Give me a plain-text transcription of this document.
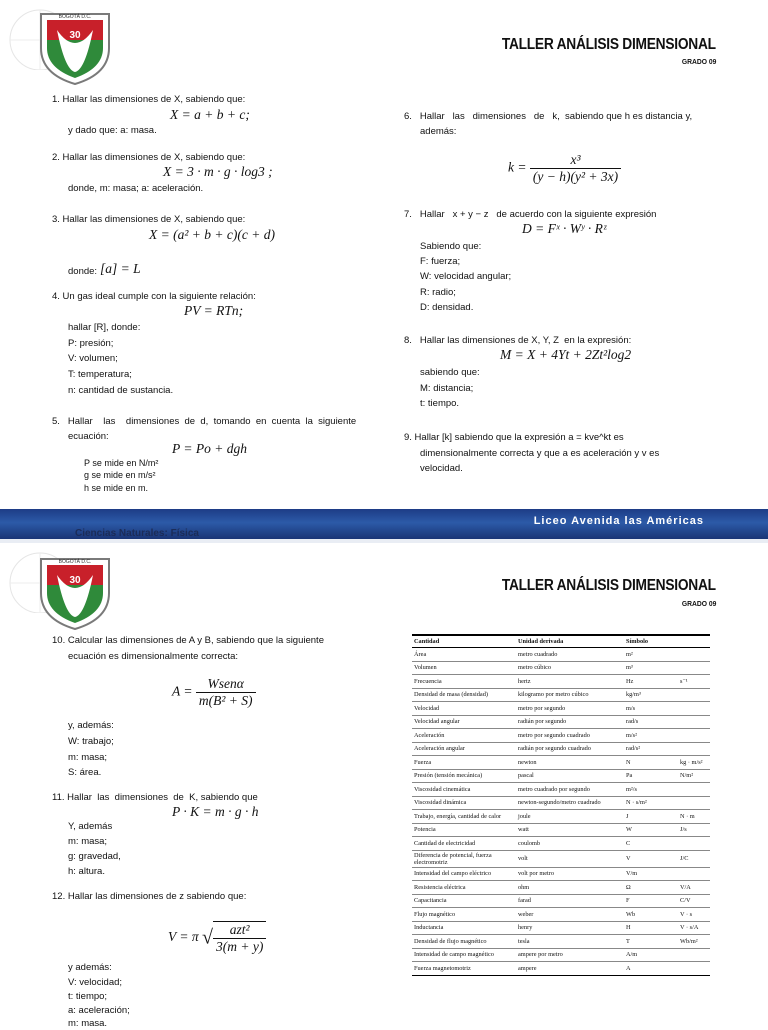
BOGOTÁ D.C.
30
TALLER ANÁLISIS DIMENSIONAL
GRADO 09
1. Hallar las dimensiones de X, sabiendo que:
X = a + b + c;
y dado que: a: masa.
2. Hallar las dimensiones de X, sabiendo que:
X = 3 · m · g · log3 ;
donde, m: masa; a: aceleración.
3. Hallar las dimensiones de X, sabiendo que:
X = (a² + b + c)(c + d)
donde: [a] = L
4. Un gas ideal cumple con la siguiente relación:
PV = RTn;
hallar [R], donde:
P: presión;
V: volumen;
T: temperatura;
n: cantidad de sustancia.
5.   Hallar    las    dimensiones  de  d,  tomando  en  cuenta  la  siguiente
ecuación:
P = Po + dgh
P se mide en N/m²
g se mide en m/s²
h se mide en m.
6.   Hallar   las   dimensiones   de   k,  sabiendo que h es distancia y,
además:
$k = \frac{\text{x³}}{\text{(y − h)(y² + 3x)}}$
7.   Hallar   x + y − z   de acuerdo con la siguiente expresión
D = Fˣ · Wʸ · Rᶻ
Sabiendo que:
F: fuerza;
W: velocidad angular;
R: radio;
D: densidad.
8.   Hallar las dimensiones de X, Y, Z  en la expresión:
M = X + 4Yt + 2Zt²log2
sabiendo que:
M: distancia;
t: tiempo.
9. Hallar [k] sabiendo que la expresión a = kve^kt es
dimensionalmente correcta y que a es aceleración y v es
velocidad.
Ciencias Naturales: Física
Liceo Avenida las Américas
BOGOTÁ D.C.
30	TALLER ANÁLISIS DIMENSIONAL
GRADO 09
10. Calcular las dimensiones de A y B, sabiendo que la siguiente
ecuación es dimensionalmente correcta:
$A = \frac{\text{Wsenα}}{\text{m(B² + S)}}$
y, además:
W: trabajo;
m: masa;
S: área.
11. Hallar  las  dimensiones  de  K, sabiendo que
P · K = m · g · h
Y, además
m: masa;
g: gravedad,
h: altura.
12. Hallar las dimensiones de z sabiendo que:
V = π √ $\frac{\text{azt²}}{3(m + y)}$
y además:
V: velocidad;
t: tiempo;
a: aceleración;
m: masa.
Cantidad	Unidad derivada	Símbolo	
Área	metro cuadrado	m²	
Volumen	metro cúbico	m³	
Frecuencia	hertz	Hz	s⁻¹
Densidad de masa (densidad)	kilogramo por metro cúbico	kg/m³	
Velocidad	metro por segundo	m/s	
Velocidad angular	radián por segundo	rad/s	
Aceleración	metro por segundo cuadrado	m/s²	
Aceleración angular	radián por segundo cuadrado	rad/s²	
Fuerza	newton	N	kg · m/s²
Presión (tensión mecánica)	pascal	Pa	N/m²
Viscosidad cinemática	metro cuadrado por segundo	m²/s	
Viscosidad dinámica	newton-segundo/metro cuadrado	N · s/m²	
Trabajo, energía, cantidad de calor	joule	J	N · m
Potencia	watt	W	J/s
Cantidad de electricidad	coulomb	C	
Diferencia de potencial, fuerza electromotriz	volt	V	J/C
Intensidad del campo eléctrico	volt por metro	V/m	
Resistencia eléctrica	ohm	Ω	V/A
Capacitancia	farad	F	C/V
Flujo magnético	weber	Wb	V · s
Inductancia	henry	H	V · s/A
Densidad de flujo magnético	tesla	T	Wb/m²
Intensidad de campo magnético	ampere por metro	A/m	
Fuerza magnetomotriz	ampere	A	
